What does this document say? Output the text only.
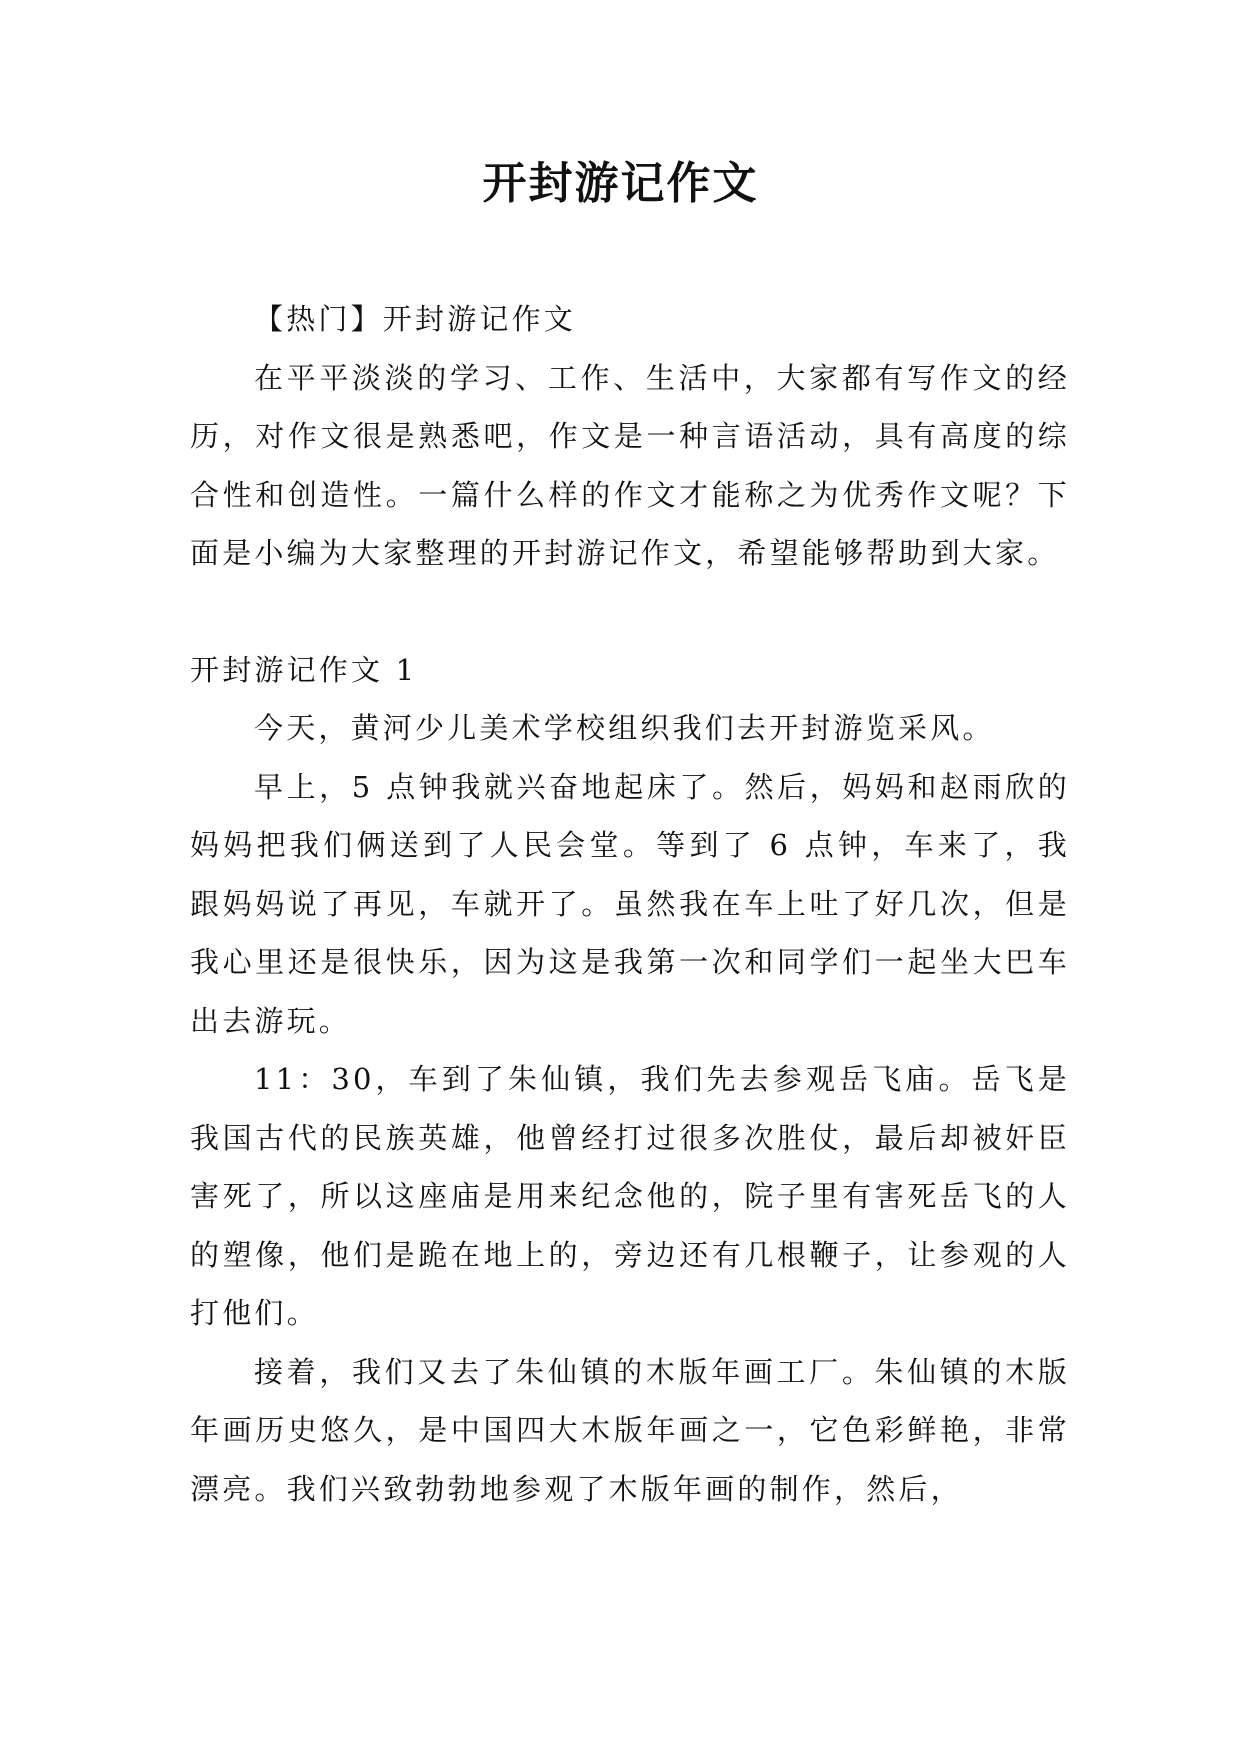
开封游记作文

【热门】开封游记作文

在平平淡淡的学习、工作、生活中，大家都有写作文的经历，对作文很是熟悉吧，作文是一种言语活动，具有高度的综合性和创造性。一篇什么样的作文才能称之为优秀作文呢？下面是小编为大家整理的开封游记作文，希望能够帮助到大家。

开封游记作文 1

今天，黄河少儿美术学校组织我们去开封游览采风。

早上，5 点钟我就兴奋地起床了。然后，妈妈和赵雨欣的妈妈把我们俩送到了人民会堂。等到了 6 点钟，车来了，我跟妈妈说了再见，车就开了。虽然我在车上吐了好几次，但是我心里还是很快乐，因为这是我第一次和同学们一起坐大巴车出去游玩。

11：30，车到了朱仙镇，我们先去参观岳飞庙。岳飞是我国古代的民族英雄，他曾经打过很多次胜仗，最后却被奸臣害死了，所以这座庙是用来纪念他的，院子里有害死岳飞的人的塑像，他们是跪在地上的，旁边还有几根鞭子，让参观的人打他们。

接着，我们又去了朱仙镇的木版年画工厂。朱仙镇的木版年画历史悠久，是中国四大木版年画之一，它色彩鲜艳，非常漂亮。我们兴致勃勃地参观了木版年画的制作，然后，
